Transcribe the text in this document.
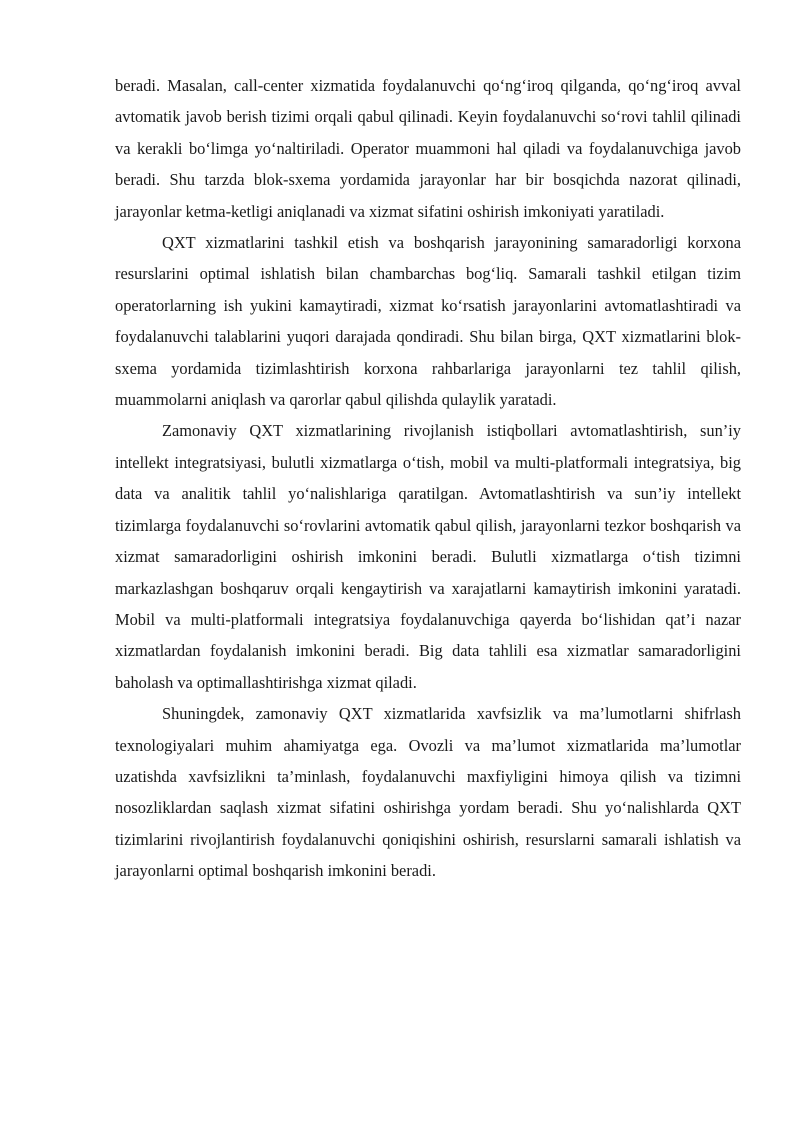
beradi. Masalan, call-center xizmatida foydalanuvchi qo‘ng‘iroq qilganda, qo‘ng‘iroq avval avtomatik javob berish tizimi orqali qabul qilinadi. Keyin foydalanuvchi so‘rovi tahlil qilinadi va kerakli bo‘limga yo‘naltiriladi. Operator muammoni hal qiladi va foydalanuvchiga javob beradi. Shu tarzda blok-sxema yordamida jarayonlar har bir bosqichda nazorat qilinadi, jarayonlar ketma-ketligi aniqlanadi va xizmat sifatini oshirish imkoniyati yaratiladi.

QXT xizmatlarini tashkil etish va boshqarish jarayonining samaradorligi korxona resurslarini optimal ishlatish bilan chambarchas bog‘liq. Samarali tashkil etilgan tizim operatorlarning ish yukini kamaytiradi, xizmat ko‘rsatish jarayonlarini avtomatlashtiradi va foydalanuvchi talablarini yuqori darajada qondiradi. Shu bilan birga, QXT xizmatlarini blok-sxema yordamida tizimlashtirish korxona rahbarlariga jarayonlarni tez tahlil qilish, muammolarni aniqlash va qarorlar qabul qilishda qulaylik yaratadi.

Zamonaviy QXT xizmatlarining rivojlanish istiqbollari avtomatlashtirish, sun’iy intellekt integratsiyasi, bulutli xizmatlarga o‘tish, mobil va multi-platformali integratsiya, big data va analitik tahlil yo‘nalishlariga qaratilgan. Avtomatlashtirish va sun’iy intellekt tizimlarga foydalanuvchi so‘rovlarini avtomatik qabul qilish, jarayonlarni tezkor boshqarish va xizmat samaradorligini oshirish imkonini beradi. Bulutli xizmatlarga o‘tish tizimni markazlashgan boshqaruv orqali kengaytirish va xarajatlarni kamaytirish imkonini yaratadi. Mobil va multi-platformali integratsiya foydalanuvchiga qayerda bo‘lishidan qat’i nazar xizmatlardan foydalanish imkonini beradi. Big data tahlili esa xizmatlar samaradorligini baholash va optimallashtirishga xizmat qiladi.

Shuningdek, zamonaviy QXT xizmatlarida xavfsizlik va ma’lumotlarni shifrlash texnologiyalari muhim ahamiyatga ega. Ovozli va ma’lumot xizmatlarida ma’lumotlar uzatishda xavfsizlikni ta’minlash, foydalanuvchi maxfiyligini himoya qilish va tizimni nosozliklardan saqlash xizmat sifatini oshirishga yordam beradi. Shu yo‘nalishlarda QXT tizimlarini rivojlantirish foydalanuvchi qoniqishini oshirish, resurslarni samarali ishlatish va jarayonlarni optimal boshqarish imkonini beradi.
